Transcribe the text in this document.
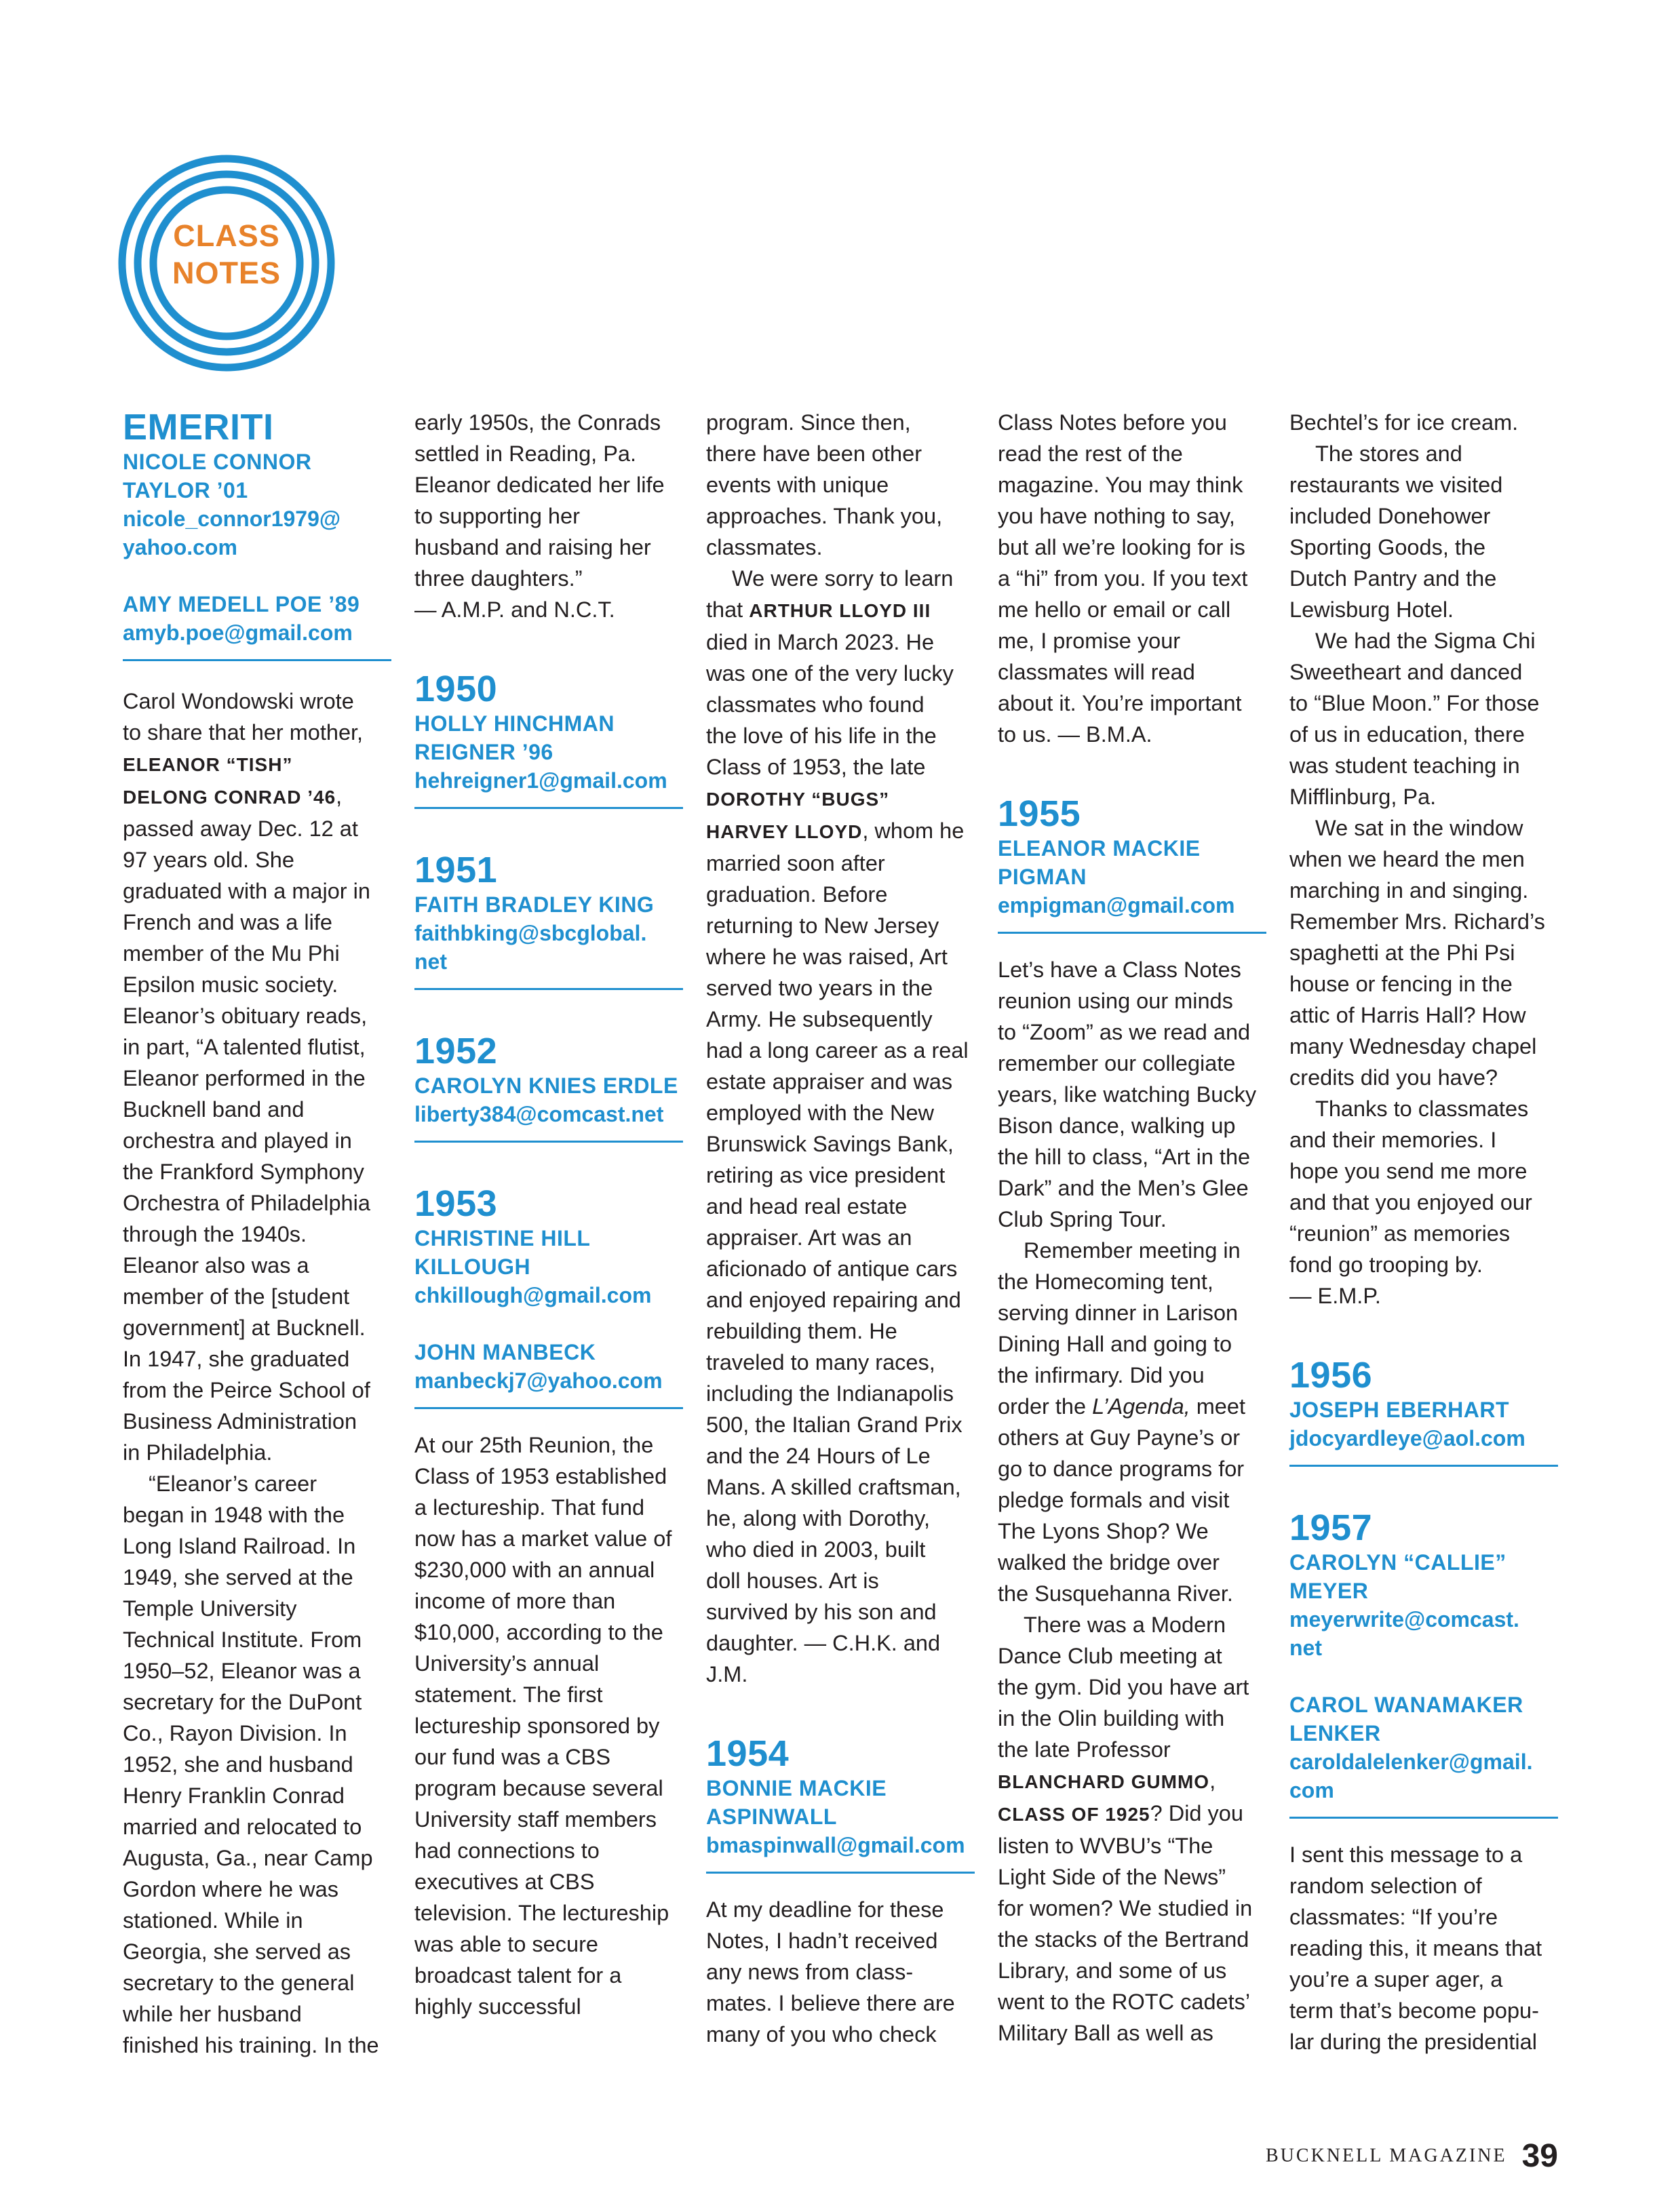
CLASS
NOTES
EMERITI
NICOLE CONNOR
TAYLOR ’01
nicole_connor1979@
yahoo.com
AMY MEDELL POE ’89
amyb.poe@gmail.com

Carol Wondowski wrote

to share that her mother,

ELEANOR “TISH”

DELONG CONRAD ’46,

passed away Dec. 12 at

97 years old. She

graduated with a major in

French and was a life

member of the Mu Phi

Epsilon music society.

Eleanor’s obituary reads,

in part, “A talented flutist,

Eleanor performed in the

Bucknell band and

orchestra and played in

the Frankford Symphony

Orchestra of Philadelphia

through the 1940s.

Eleanor also was a

member of the [student

government] at Bucknell.

In 1947, she graduated

from the Peirce School of

Business Administration

in Philadelphia.

“Eleanor’s career

began in 1948 with the

Long Island Railroad. In

1949, she served at the

Temple University

Technical Institute. From

1950–52, Eleanor was a

secretary for the DuPont

Co., Rayon Division. In

1952, she and husband

Henry Franklin Conrad

married and relocated to

Augusta, Ga., near Camp

Gordon where he was

stationed. While in

Georgia, she served as

secretary to the general

while her husband

finished his training. In the

early 1950s, the Conrads

settled in Reading, Pa.

Eleanor dedicated her life

to supporting her

husband and raising her

three daughters.”

— A.M.P. and N.C.T.

1950
HOLLY HINCHMAN
REIGNER ’96
hehreigner1@gmail.com
1951
FAITH BRADLEY KING
faithbking@sbcglobal.
net
1952
CAROLYN KNIES ERDLE
liberty384@comcast.net
1953
CHRISTINE HILL
KILLOUGH
chkillough@gmail.com
JOHN MANBECK
manbeckj7@yahoo.com

At our 25th Reunion, the

Class of 1953 established

a lectureship. That fund

now has a market value of

$230,000 with an annual

income of more than

$10,000, according to the

University’s annual

statement. The first

lectureship sponsored by

our fund was a CBS

program because several

University staff members

had connections to

executives at CBS

television. The lectureship

was able to secure

broadcast talent for a

highly successful

program. Since then,

there have been other

events with unique

approaches. Thank you,

classmates.

We were sorry to learn

that ARTHUR LLOYD III

died in March 2023. He

was one of the very lucky

classmates who found

the love of his life in the

Class of 1953, the late

DOROTHY “BUGS”

HARVEY LLOYD, whom he

married soon after

graduation. Before

returning to New Jersey

where he was raised, Art

served two years in the

Army. He subsequently

had a long career as a real

estate appraiser and was

employed with the New

Brunswick Savings Bank,

retiring as vice president

and head real estate

appraiser. Art was an

aficionado of antique cars

and enjoyed repairing and

rebuilding them. He

traveled to many races,

including the Indianapolis

500, the Italian Grand Prix

and the 24 Hours of Le

Mans. A skilled craftsman,

he, along with Dorothy,

who died in 2003, built

doll houses. Art is

survived by his son and

daughter. — C.H.K. and

J.M.

1954
BONNIE MACKIE
ASPINWALL
bmaspinwall@gmail.com

At my deadline for these

Notes, I hadn’t received

any news from class-

mates. I believe there are

many of you who check

Class Notes before you

read the rest of the

magazine. You may think

you have nothing to say,

but all we’re looking for is

a “hi” from you. If you text

me hello or email or call

me, I promise your

classmates will read

about it. You’re important

to us. — B.M.A.

1955
ELEANOR MACKIE
PIGMAN
empigman@gmail.com

Let’s have a Class Notes

reunion using our minds

to “Zoom” as we read and

remember our collegiate

years, like watching Bucky

Bison dance, walking up

the hill to class, “Art in the

Dark” and the Men’s Glee

Club Spring Tour.

Remember meeting in

the Homecoming tent,

serving dinner in Larison

Dining Hall and going to

the infirmary. Did you

order the L’Agenda, meet

others at Guy Payne’s or

go to dance programs for

pledge formals and visit

The Lyons Shop? We

walked the bridge over

the Susquehanna River.

There was a Modern

Dance Club meeting at

the gym. Did you have art

in the Olin building with

the late Professor

BLANCHARD GUMMO,

CLASS OF 1925? Did you

listen to WVBU’s “The

Light Side of the News”

for women? We studied in

the stacks of the Bertrand

Library, and some of us

went to the ROTC cadets’

Military Ball as well as

Bechtel’s for ice cream.

The stores and

restaurants we visited

included Donehower

Sporting Goods, the

Dutch Pantry and the

Lewisburg Hotel.

We had the Sigma Chi

Sweetheart and danced

to “Blue Moon.” For those

of us in education, there

was student teaching in

Mifflinburg, Pa.

We sat in the window

when we heard the men

marching in and singing.

Remember Mrs. Richard’s

spaghetti at the Phi Psi

house or fencing in the

attic of Harris Hall? How

many Wednesday chapel

credits did you have?

Thanks to classmates

and their memories. I

hope you send me more

and that you enjoyed our

“reunion” as memories

fond go trooping by.

— E.M.P.

1956
JOSEPH EBERHART
jdocyardleye@aol.com
1957
CAROLYN “CALLIE”
MEYER
meyerwrite@comcast.
net
CAROL WANAMAKER
LENKER
caroldalelenker@gmail.
com

I sent this message to a

random selection of

classmates: “If you’re

reading this, it means that

you’re a super ager, a

term that’s become popu-

lar during the presidential

BUCKNELL MAGAZINE 39
